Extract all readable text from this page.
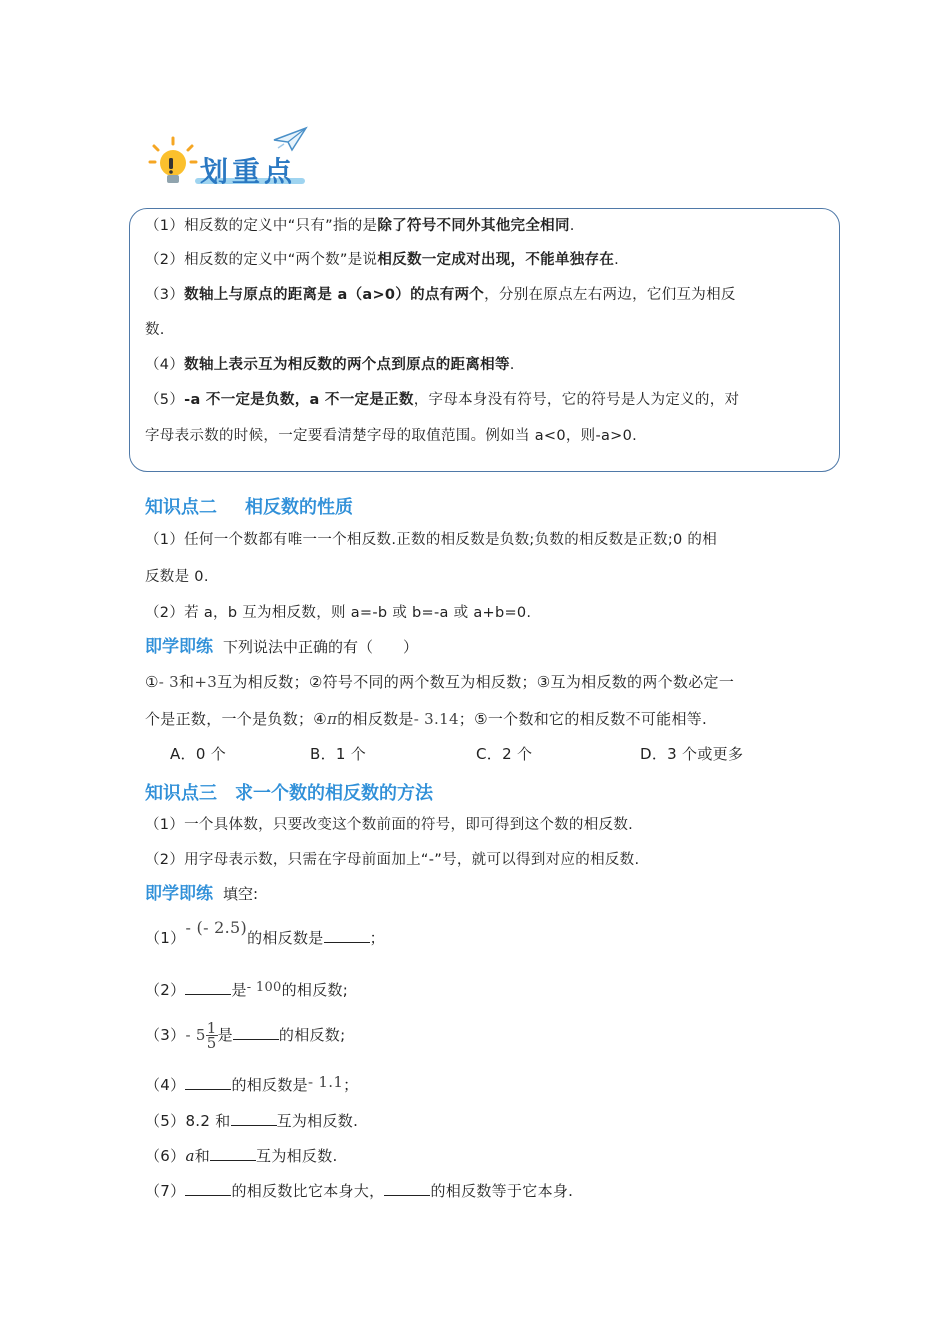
划重点
（1）相反数的定义中“只有”指的是除了符号不同外其他完全相同.
（2）相反数的定义中“两个数”是说相反数一定成对出现，不能单独存在.
（3）数轴上与原点的距离是 a（a>0）的点有两个，分别在原点左右两边，它们互为相反
数.
（4）数轴上表示互为相反数的两个点到原点的距离相等.
（5）-a 不一定是负数，a 不一定是正数，字母本身没有符号，它的符号是人为定义的，对
字母表示数的时候，一定要看清楚字母的取值范围。例如当 a<0，则-a>0.
知识点二 相反数的性质
（1）任何一个数都有唯一一个相反数.正数的相反数是负数;负数的相反数是正数;0 的相
反数是 0.
（2）若 a，b 互为相反数，则 a=-b 或 b=-a 或 a+b=0.
即学即练 下列说法中正确的有（　　）
①- 3和+3互为相反数；②符号不同的两个数互为相反数；③互为相反数的两个数必定一
个是正数，一个是负数；④π的相反数是- 3.14；⑤一个数和它的相反数不可能相等.
A．0 个	B．1 个	C．2 个	D．3 个或更多
知识点三 求一个数的相反数的方法
（1）一个具体数，只要改变这个数前面的符号，即可得到这个数的相反数.
（2）用字母表示数，只需在字母前面加上“-”号，就可以得到对应的相反数.
即学即练 填空:
（1）- (- 2.5)的相反数是	；
（2）	是- 100的相反数;
（3）- $5 \frac{1}{5}$ 是	的相反数;
（4）	的相反数是- 1.1；
（5）8.2 和	互为相反数.
（6）a和	互为相反数.
（7）	的相反数比它本身大，	的相反数等于它本身.
